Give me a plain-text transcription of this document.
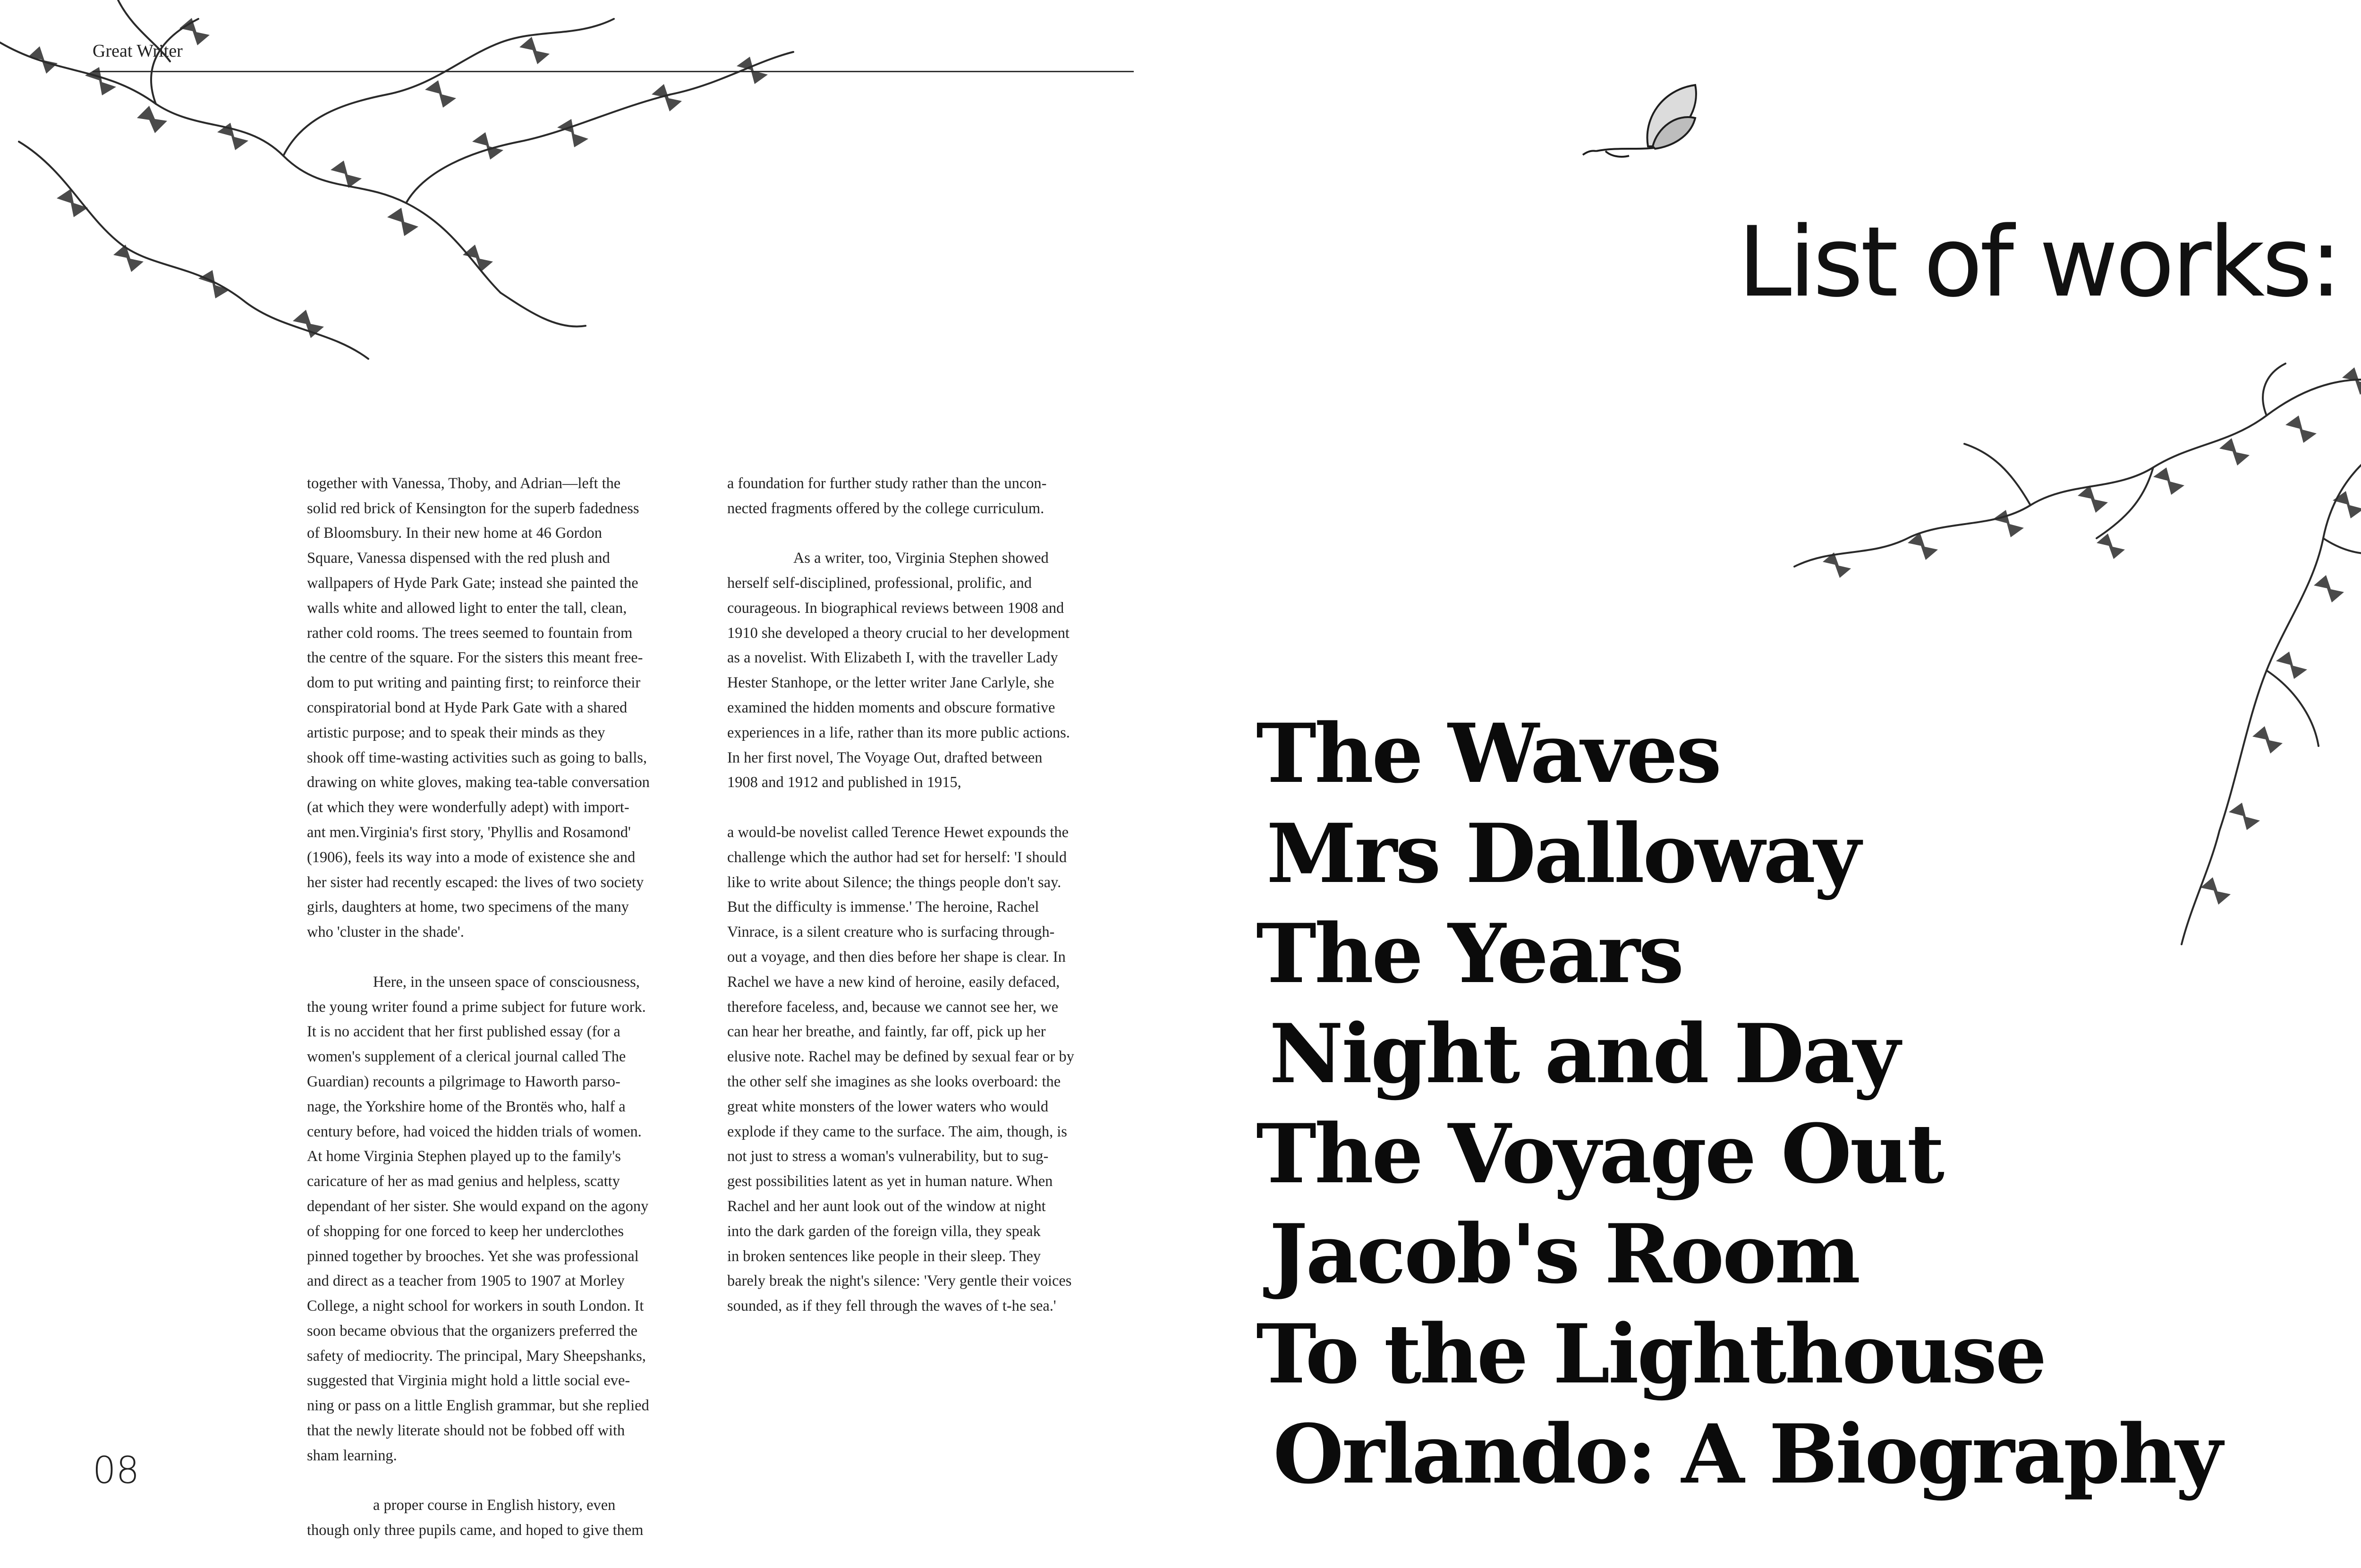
Great Writer

together with Vanessa, Thoby, and Adrian—left the
solid red brick of Kensington for the superb fadedness
of Bloomsbury. In their new home at 46 Gordon
Square, Vanessa dispensed with the red plush and
wallpapers of Hyde Park Gate; instead she painted the
walls white and allowed light to enter the tall, clean,
rather cold rooms. The trees seemed to fountain from
the centre of the square. For the sisters this meant free-
dom to put writing and painting first; to reinforce their
conspiratorial bond at Hyde Park Gate with a shared
artistic purpose; and to speak their minds as they
shook off time-wasting activities such as going to balls,
drawing on white gloves, making tea-table conversation
(at which they were wonderfully adept) with import-
ant men.Virginia's first story, 'Phyllis and Rosamond'
(1906), feels its way into a mode of existence she and
her sister had recently escaped: the lives of two society
girls, daughters at home, two specimens of the many
who 'cluster in the shade'.

Here, in the unseen space of consciousness,
the young writer found a prime subject for future work.
It is no accident that her first published essay (for a
women's supplement of a clerical journal called The
Guardian) recounts a pilgrimage to Haworth parso-
nage, the Yorkshire home of the Brontës who, half a
century before, had voiced the hidden trials of women.
At home Virginia Stephen played up to the family's
caricature of her as mad genius and helpless, scatty
dependant of her sister. She would expand on the agony
of shopping for one forced to keep her underclothes
pinned together by brooches. Yet she was professional
and direct as a teacher from 1905 to 1907 at Morley
College, a night school for workers in south London. It
soon became obvious that the organizers preferred the
safety of mediocrity. The principal, Mary Sheepshanks,
suggested that Virginia might hold a little social eve-
ning or pass on a little English grammar, but she replied
that the newly literate should not be fobbed off with
sham learning.

a proper course in English history, even
though only three pupils came, and hoped to give them

a foundation for further study rather than the uncon-
nected fragments offered by the college curriculum.

As a writer, too, Virginia Stephen showed
herself self-disciplined, professional, prolific, and
courageous. In biographical reviews between 1908 and
1910 she developed a theory crucial to her development
as a novelist. With Elizabeth I, with the traveller Lady
Hester Stanhope, or the letter writer Jane Carlyle, she
examined the hidden moments and obscure formative
experiences in a life, rather than its more public actions.
In her first novel, The Voyage Out, drafted between
1908 and 1912 and published in 1915,

a would-be novelist called Terence Hewet expounds the
challenge which the author had set for herself: 'I should
like to write about Silence; the things people don't say.
But the difficulty is immense.' The heroine, Rachel
Vinrace, is a silent creature who is surfacing through-
out a voyage, and then dies before her shape is clear. In
Rachel we have a new kind of heroine, easily defaced,
therefore faceless, and, because we cannot see her, we
can hear her breathe, and faintly, far off, pick up her
elusive note. Rachel may be defined by sexual fear or by
the other self she imagines as she looks overboard: the
great white monsters of the lower waters who would
explode if they came to the surface. The aim, though, is
not just to stress a woman's vulnerability, but to sug-
gest possibilities latent as yet in human nature. When
Rachel and her aunt look out of the window at night
into the dark garden of the foreign villa, they speak
in broken sentences like people in their sleep. They
barely break the night's silence: 'Very gentle their voices
sounded, as if they fell through the waves of t-he sea.'

08
List of works:
The Waves
Mrs Dalloway
The Years
Night and Day
The Voyage Out
Jacob's Room
To the Lighthouse
Orlando: A Biography
